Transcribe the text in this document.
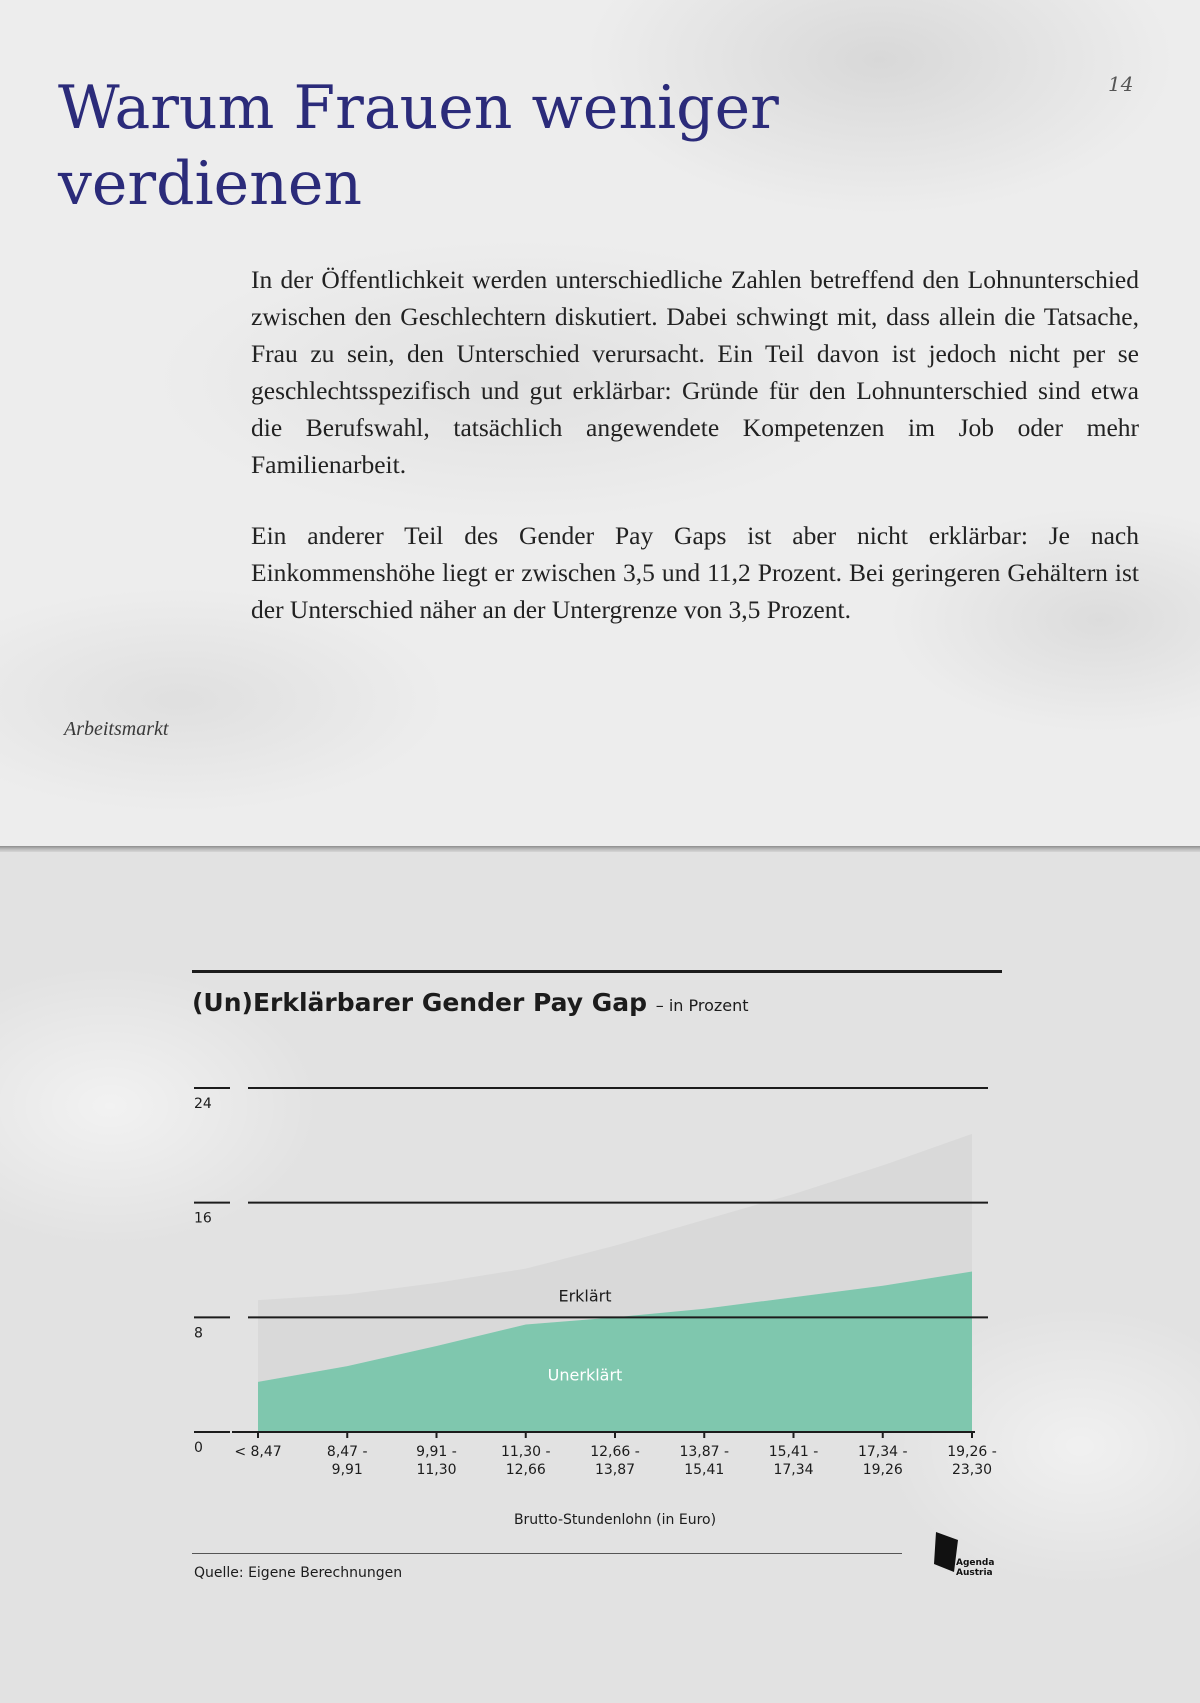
14
Warum Frauen weniger verdienen

In der Öffentlichkeit werden unterschiedliche Zahlen betreffend den Lohnunterschied zwischen den Geschlechtern diskutiert. Dabei schwingt mit, dass allein die Tatsache, Frau zu sein, den Unterschied verursacht. Ein Teil davon ist jedoch nicht per se geschlechtsspezifisch und gut erklärbar: Gründe für den Lohnunterschied sind etwa die Berufswahl, tatsächlich angewendete Kompetenzen im Job oder mehr Familienarbeit.

Ein anderer Teil des Gender Pay Gaps ist aber nicht erklärbar: Je nach Einkommenshöhe liegt er zwischen 3,5 und 11,2 Prozent. Bei geringeren Gehältern ist der Unterschied näher an der Untergrenze von 3,5 Prozent.

Arbeitsmarkt
(Un)Erklärbarer Gender Pay Gap – in Prozent
0
8
16
24
Erklärt
Unerklärt
< 8,47	8,47 -
9,91
9,91 -
11,30
11,30 -
12,66
12,66 -
13,87
13,87 -
15,41
15,41 -
17,34
17,34 -
19,26
19,26 -
23,30
Brutto-Stundenlohn (in Euro)
Quelle: Eigene Berechnungen
Agenda
Austria
